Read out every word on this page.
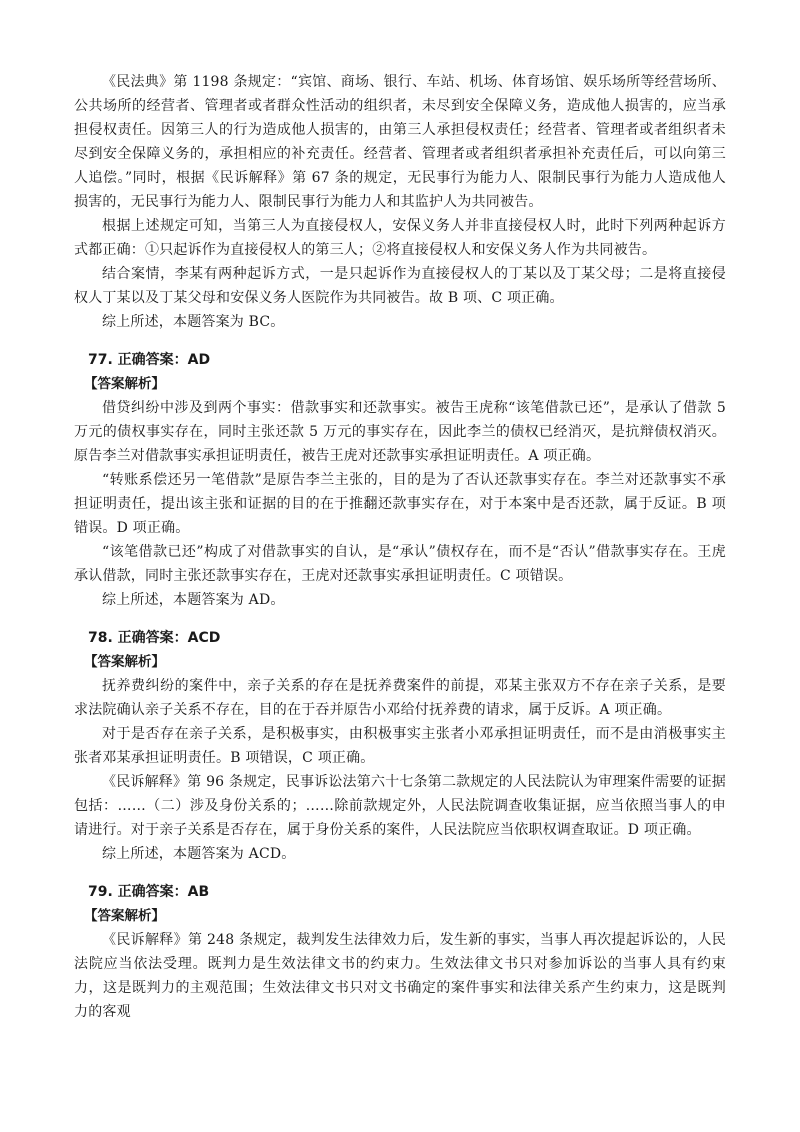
《民法典》第 1198 条规定：“宾馆、商场、银行、车站、机场、体育场馆、娱乐场所等经营场所、公共场所的经营者、管理者或者群众性活动的组织者，未尽到安全保障义务，造成他人损害的，应当承担侵权责任。因第三人的行为造成他人损害的，由第三人承担侵权责任；经营者、管理者或者组织者未尽到安全保障义务的，承担相应的补充责任。经营者、管理者或者组织者承担补充责任后，可以向第三人追偿。”同时，根据《民诉解释》第 67 条的规定，无民事行为能力人、限制民事行为能力人造成他人损害的，无民事行为能力人、限制民事行为能力人和其监护人为共同被告。

根据上述规定可知，当第三人为直接侵权人，安保义务人并非直接侵权人时，此时下列两种起诉方式都正确：①只起诉作为直接侵权人的第三人；②将直接侵权人和安保义务人作为共同被告。

结合案情，李某有两种起诉方式，一是只起诉作为直接侵权人的丁某以及丁某父母；二是将直接侵权人丁某以及丁某父母和安保义务人医院作为共同被告。故 B 项、C 项正确。

综上所述，本题答案为 BC。

77. 正确答案：AD

【答案解析】

借贷纠纷中涉及到两个事实：借款事实和还款事实。被告王虎称“该笔借款已还”，是承认了借款 5 万元的债权事实存在，同时主张还款 5 万元的事实存在，因此李兰的债权已经消灭，是抗辩债权消灭。原告李兰对借款事实承担证明责任，被告王虎对还款事实承担证明责任。A 项正确。

“转账系偿还另一笔借款”是原告李兰主张的，目的是为了否认还款事实存在。李兰对还款事实不承担证明责任，提出该主张和证据的目的在于推翻还款事实存在，对于本案中是否还款，属于反证。B 项错误。D 项正确。

“该笔借款已还”构成了对借款事实的自认，是“承认”债权存在，而不是“否认”借款事实存在。王虎承认借款，同时主张还款事实存在，王虎对还款事实承担证明责任。C 项错误。

综上所述，本题答案为 AD。

78. 正确答案：ACD

【答案解析】

抚养费纠纷的案件中，亲子关系的存在是抚养费案件的前提，邓某主张双方不存在亲子关系，是要求法院确认亲子关系不存在，目的在于吞并原告小邓给付抚养费的请求，属于反诉。A 项正确。

对于是否存在亲子关系，是积极事实，由积极事实主张者小邓承担证明责任，而不是由消极事实主张者邓某承担证明责任。B 项错误，C 项正确。

《民诉解释》第 96 条规定，民事诉讼法第六十七条第二款规定的人民法院认为审理案件需要的证据包括：……（二）涉及身份关系的；……除前款规定外，人民法院调查收集证据，应当依照当事人的申请进行。对于亲子关系是否存在，属于身份关系的案件，人民法院应当依职权调查取证。D 项正确。

综上所述，本题答案为 ACD。

79. 正确答案：AB

【答案解析】

《民诉解释》第 248 条规定，裁判发生法律效力后，发生新的事实，当事人再次提起诉讼的，人民法院应当依法受理。既判力是生效法律文书的约束力。生效法律文书只对参加诉讼的当事人具有约束力，这是既判力的主观范围；生效法律文书只对文书确定的案件事实和法律关系产生约束力，这是既判力的客观
